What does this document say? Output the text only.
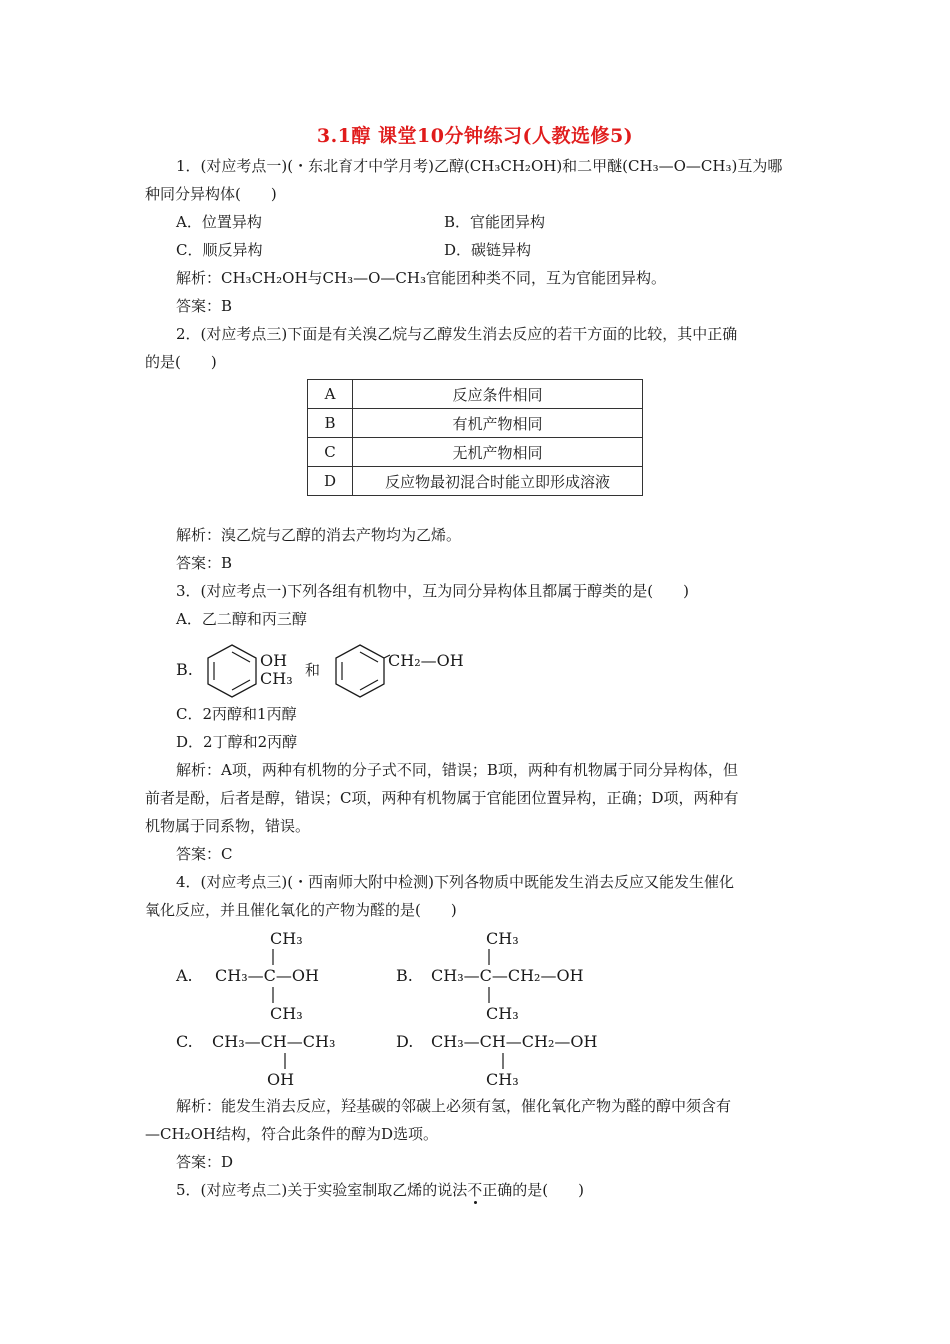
3.1醇 课堂10分钟练习(人教选修5)
1．(对应考点一)(・东北育才中学月考)乙醇(CH₃CH₂OH)和二甲醚(CH₃—O—CH₃)互为哪
种同分异构体(　　)
A．位置异构	B．官能团异构
C．顺反异构	D．碳链异构
解析：CH₃CH₂OH与CH₃—O—CH₃官能团种类不同，互为官能团异构。
答案：B
2．(对应考点三)下面是有关溴乙烷与乙醇发生消去反应的若干方面的比较，其中正确
的是(　　)
A	反应条件相同
B	有机产物相同
C	无机产物相同
D	反应物最初混合时能立即形成溶液
解析：溴乙烷与乙醇的消去产物均为乙烯。
答案：B
3．(对应考点一)下列各组有机物中，互为同分异构体且都属于醇类的是(　　)
A．乙二醇和丙三醇
B.	OH
CH₃ 和	CH₂—OH
C．2丙醇和1丙醇
D．2丁醇和2丙醇
解析：A项，两种有机物的分子式不同，错误；B项，两种有机物属于同分异构体，但
前者是酚，后者是醇，错误；C项，两种有机物属于官能团位置异构，正确；D项，两种有
机物属于同系物，错误。
答案：C
4．(对应考点三)(・西南师大附中检测)下列各物质中既能发生消去反应又能发生催化
氧化反应，并且催化氧化的产物为醛的是(　　)
A.
CH₃
CH₃—C—OH
CH₃
B.
CH₃
CH₃—C—CH₂—OH
CH₃
C. CH₃—CH—CH₃
OH
D. CH₃—CH—CH₂—OH
CH₃
解析：能发生消去反应，羟基碳的邻碳上必须有氢，催化氧化产物为醛的醇中须含有
—CH₂OH结构，符合此条件的醇为D选项。
答案：D
5．(对应考点二)关于实验室制取乙烯的说法不正确的是(　　)
